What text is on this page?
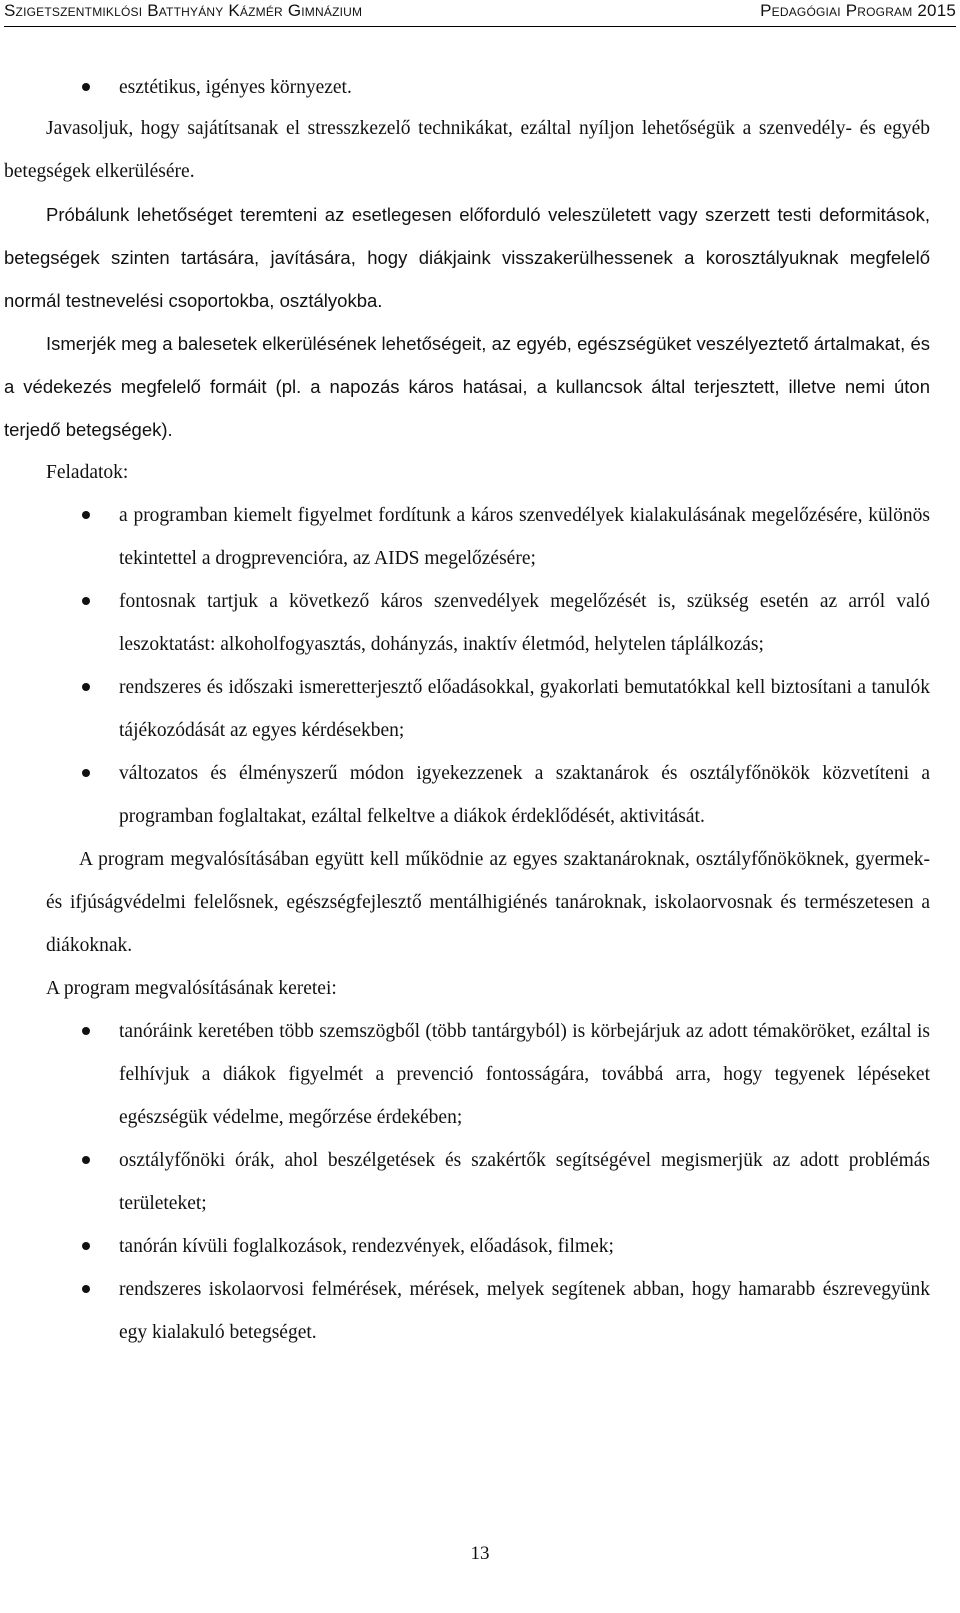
Szigetszentmiklósi Batthyány Kázmér Gimnázium	Pedagógiai Program 2015
esztétikus, igényes környezet.

Javasoljuk, hogy sajátítsanak el stresszkezelő technikákat, ezáltal nyíljon lehetőségük a szenvedély- és egyéb betegségek elkerülésére.

Próbálunk lehetőséget teremteni az esetlegesen előforduló veleszületett vagy szerzett testi deformitások, betegségek szinten tartására, javítására, hogy diákjaink visszakerülhessenek a korosztályuknak megfelelő normál testnevelési csoportokba, osztályokba.

Ismerjék meg a balesetek elkerülésének lehetőségeit, az egyéb, egészségüket veszélyeztető ártalmakat, és a védekezés megfelelő formáit (pl. a napozás káros hatásai, a kullancsok által terjesztett, illetve nemi úton terjedő betegségek).

Feladatok:

a programban kiemelt figyelmet fordítunk a káros szenvedélyek kialakulásának megelőzésére, különös tekintettel a drogprevencióra, az AIDS megelőzésére;
fontosnak tartjuk a következő káros szenvedélyek megelőzését is, szükség esetén az arról való leszoktatást: alkoholfogyasztás, dohányzás, inaktív életmód, helytelen táplálkozás;
rendszeres és időszaki ismeretterjesztő előadásokkal, gyakorlati bemutatókkal kell biztosítani a tanulók tájékozódását az egyes kérdésekben;
változatos és élményszerű módon igyekezzenek a szaktanárok és osztályfőnökök közvetíteni a programban foglaltakat, ezáltal felkeltve a diákok érdeklődését, aktivitását.

A program megvalósításában együtt kell működnie az egyes szaktanároknak, osztályfőnököknek, gyermek- és ifjúságvédelmi felelősnek, egészségfejlesztő mentálhigiénés tanároknak, iskolaorvosnak és természetesen a diákoknak.

A program megvalósításának keretei:

tanóráink keretében több szemszögből (több tantárgyból) is körbejárjuk az adott témaköröket, ezáltal is felhívjuk a diákok figyelmét a prevenció fontosságára, továbbá arra, hogy tegyenek lépéseket egészségük védelme, megőrzése érdekében;
osztályfőnöki órák, ahol beszélgetések és szakértők segítségével megismerjük az adott problémás területeket;
tanórán kívüli foglalkozások, rendezvények, előadások, filmek;
rendszeres iskolaorvosi felmérések, mérések, melyek segítenek abban, hogy hamarabb észrevegyünk egy kialakuló betegséget.
13
